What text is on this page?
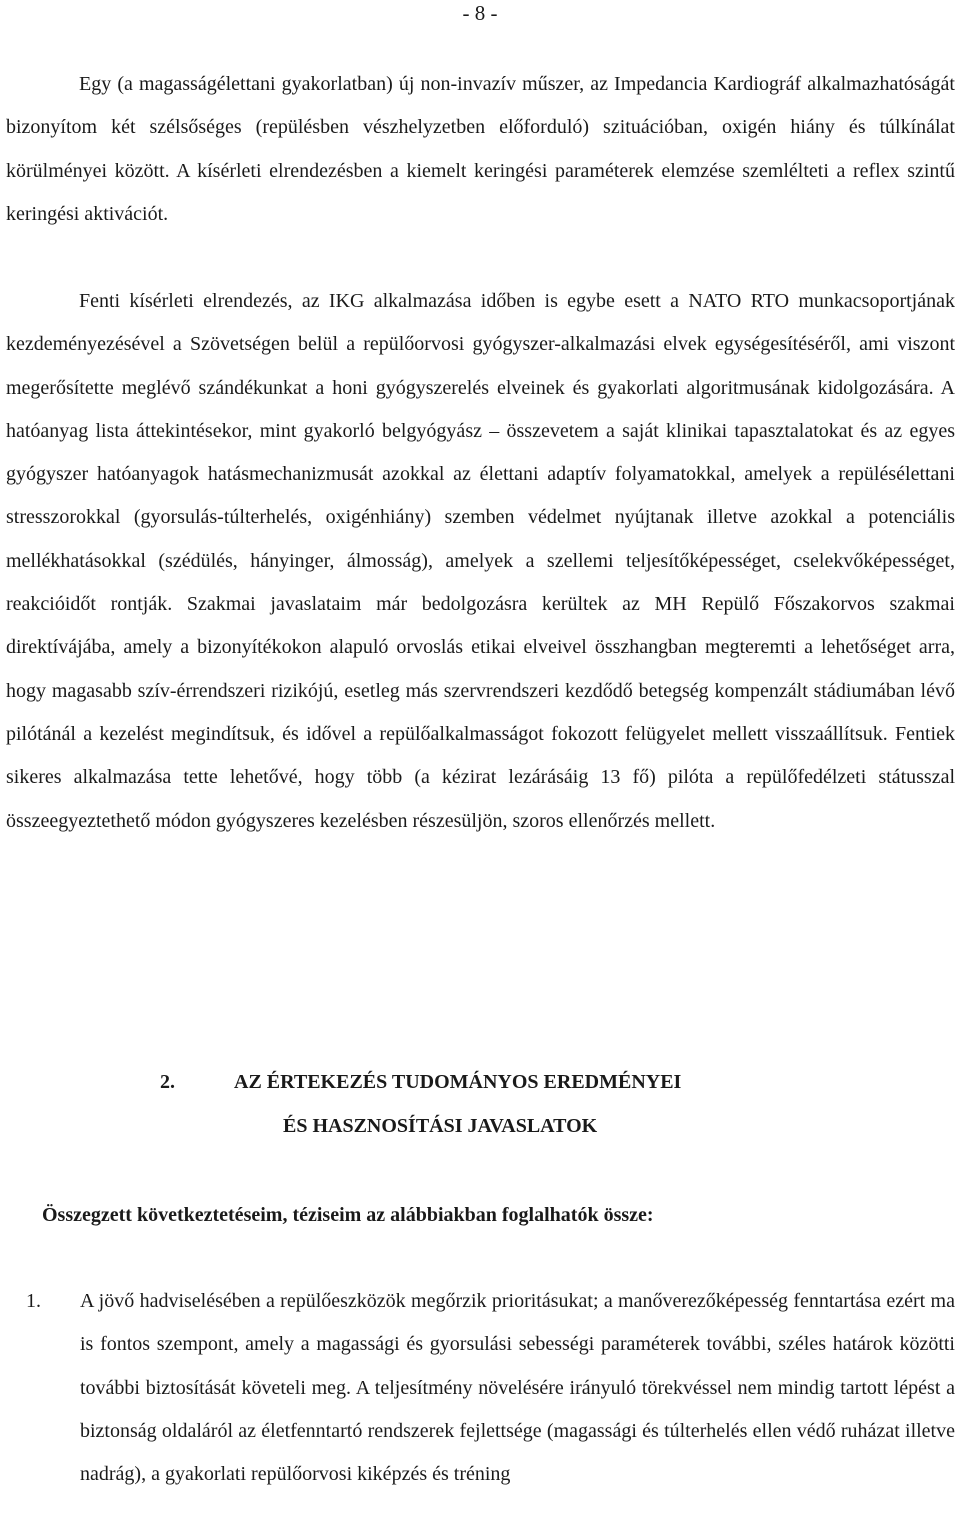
- 8 -

Egy (a magasságélettani gyakorlatban) új non-invazív műszer, az Impedancia Kardiográf alkalmazhatóságát bizonyítom két szélsőséges (repülésben vészhelyzetben előforduló) szituációban, oxigén hiány és túlkínálat körülményei között. A kísérleti elrendezésben a kiemelt keringési paraméterek elemzése szemlélteti a reflex szintű keringési aktivációt.

Fenti kísérleti elrendezés, az IKG alkalmazása időben is egybe esett a NATO RTO munkacsoportjának kezdeményezésével a Szövetségen belül a repülőorvosi gyógyszer-alkalmazási elvek egységesítéséről, ami viszont megerősítette meglévő szándékunkat a honi gyógyszerelés elveinek és gyakorlati algoritmusának kidolgozására. A hatóanyag lista áttekintésekor, mint gyakorló belgyógyász – összevetem a saját klinikai tapasztalatokat és az egyes gyógyszer hatóanyagok hatásmechanizmusát azokkal az élettani adaptív folyamatokkal, amelyek a repülésélettani stresszorokkal (gyorsulás-túlterhelés, oxigénhiány) szemben védelmet nyújtanak illetve azokkal a potenciális mellékhatásokkal (szédülés, hányinger, álmosság), amelyek a szellemi teljesítőképességet, cselekvőképességet, reakcióidőt rontják. Szakmai javaslataim már bedolgozásra kerültek az MH Repülő Főszakorvos szakmai direktívájába, amely a bizonyítékokon alapuló orvoslás etikai elveivel összhangban megteremti a lehetőséget arra, hogy magasabb szív-érrendszeri rizikójú, esetleg más szervrendszeri kezdődő betegség kompenzált stádiumában lévő pilótánál a kezelést megindítsuk, és idővel a repülőalkalmasságot fokozott felügyelet mellett visszaállítsuk. Fentiek sikeres alkalmazása tette lehetővé, hogy több (a kézirat lezárásáig 13 fő) pilóta a repülőfedélzeti státusszal összeegyeztethető módon gyógyszeres kezelésben részesüljön, szoros ellenőrzés mellett.

2.	AZ ÉRTEKEZÉS TUDOMÁNYOS EREDMÉNYEI
ÉS HASZNOSÍTÁSI JAVASLATOK

Összegzett következtetéseim, téziseim az alábbiakban foglalhatók össze:

1. A jövő hadviselésében a repülőeszközök megőrzik prioritásukat; a manőverezőképesség fenntartása ezért ma is fontos szempont, amely a magassági és gyorsulási sebességi paraméterek további, széles határok közötti további biztosítását követeli meg. A teljesítmény növelésére irányuló törekvéssel nem mindig tartott lépést a biztonság oldaláról az életfenntartó rendszerek fejlettsége (magassági és túlterhelés ellen védő ruházat illetve nadrág), a gyakorlati repülőorvosi kiképzés és tréning
